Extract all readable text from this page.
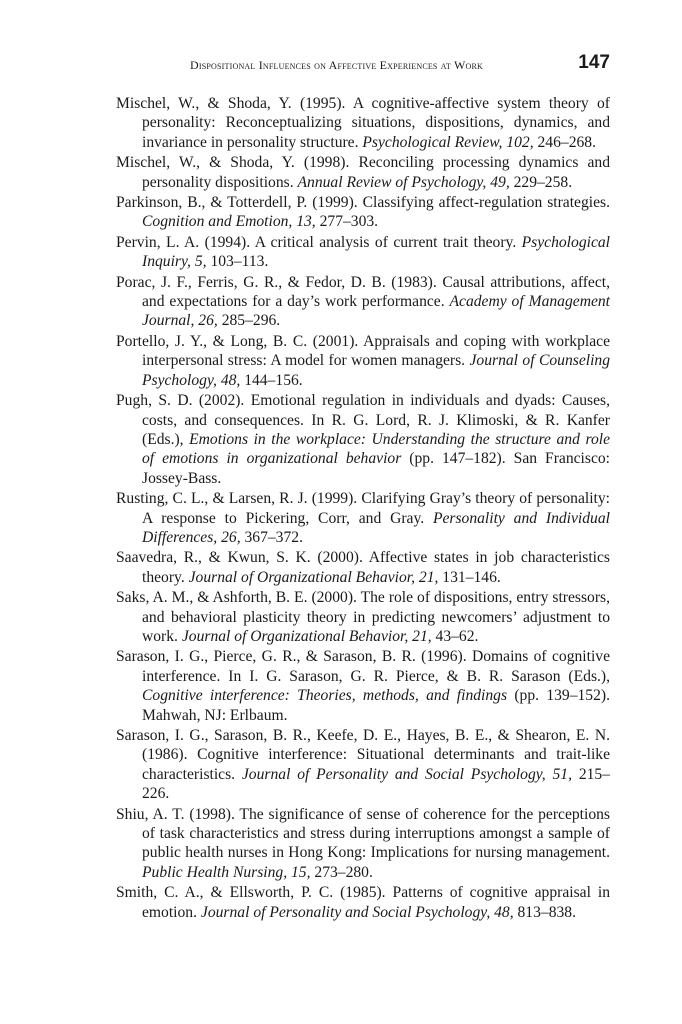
Dispositional Influences on Affective Experiences at Work	147
Mischel, W., & Shoda, Y. (1995). A cognitive-affective system theory of personality: Reconceptualizing situations, dispositions, dynamics, and invariance in personality structure. Psychological Review, 102, 246–268.
Mischel, W., & Shoda, Y. (1998). Reconciling processing dynamics and personality dispositions. Annual Review of Psychology, 49, 229–258.
Parkinson, B., & Totterdell, P. (1999). Classifying affect-regulation strategies. Cognition and Emotion, 13, 277–303.
Pervin, L. A. (1994). A critical analysis of current trait theory. Psychological Inquiry, 5, 103–113.
Porac, J. F., Ferris, G. R., & Fedor, D. B. (1983). Causal attributions, affect, and expectations for a day’s work performance. Academy of Management Journal, 26, 285–296.
Portello, J. Y., & Long, B. C. (2001). Appraisals and coping with workplace interpersonal stress: A model for women managers. Journal of Counseling Psychology, 48, 144–156.
Pugh, S. D. (2002). Emotional regulation in individuals and dyads: Causes, costs, and consequences. In R. G. Lord, R. J. Klimoski, & R. Kanfer (Eds.), Emotions in the workplace: Understanding the structure and role of emotions in organizational behavior (pp. 147–182). San Francisco: Jossey-Bass.
Rusting, C. L., & Larsen, R. J. (1999). Clarifying Gray’s theory of personality: A response to Pickering, Corr, and Gray. Personality and Individual Differences, 26, 367–372.
Saavedra, R., & Kwun, S. K. (2000). Affective states in job characteristics theory. Journal of Organizational Behavior, 21, 131–146.
Saks, A. M., & Ashforth, B. E. (2000). The role of dispositions, entry stressors, and behavioral plasticity theory in predicting newcomers’ adjustment to work. Journal of Organizational Behavior, 21, 43–62.
Sarason, I. G., Pierce, G. R., & Sarason, B. R. (1996). Domains of cognitive interference. In I. G. Sarason, G. R. Pierce, & B. R. Sarason (Eds.), Cognitive interference: Theories, methods, and findings (pp. 139–152). Mahwah, NJ: Erlbaum.
Sarason, I. G., Sarason, B. R., Keefe, D. E., Hayes, B. E., & Shearon, E. N. (1986). Cognitive interference: Situational determinants and trait-like characteristics. Journal of Personality and Social Psychology, 51, 215–226.
Shiu, A. T. (1998). The significance of sense of coherence for the perceptions of task characteristics and stress during interruptions amongst a sample of public health nurses in Hong Kong: Implications for nursing management. Public Health Nursing, 15, 273–280.
Smith, C. A., & Ellsworth, P. C. (1985). Patterns of cognitive appraisal in emotion. Journal of Personality and Social Psychology, 48, 813–838.
